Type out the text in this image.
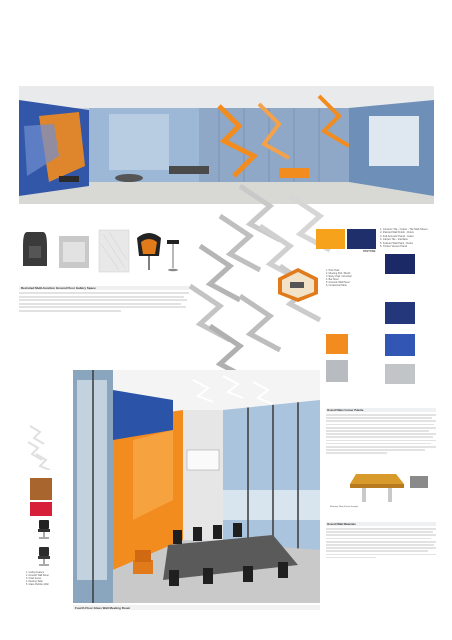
Revisited Multi-function Ground Floor Gallery Space
PANTONE
1. Ceramic Tile - Colour - Tile Matt Sheen
2. Painted Wall Finish - Dulux
3. Felt Acoustic Panel - Autex
4. Carpet Tile - Interface
5. Feature Wall Paint - Dulux
6. Timber Veneer Panel
1. Pod Chair
2. Meeting Pod / Booth
3. Easy Chair / Armchair
4. Bar Stool
5. Acoustic Wall Panel
6. Occasional Table
1. Ceiling Feature
2. Acoustic Wall Panel
3. Chair Series
4. Meeting Table
5. Glass Partition Wall
Fourth Floor Glass Wall Meeting Room
Overall Main Colour Palette
Meeting Table Finish Sample
Overall Wall Materials
